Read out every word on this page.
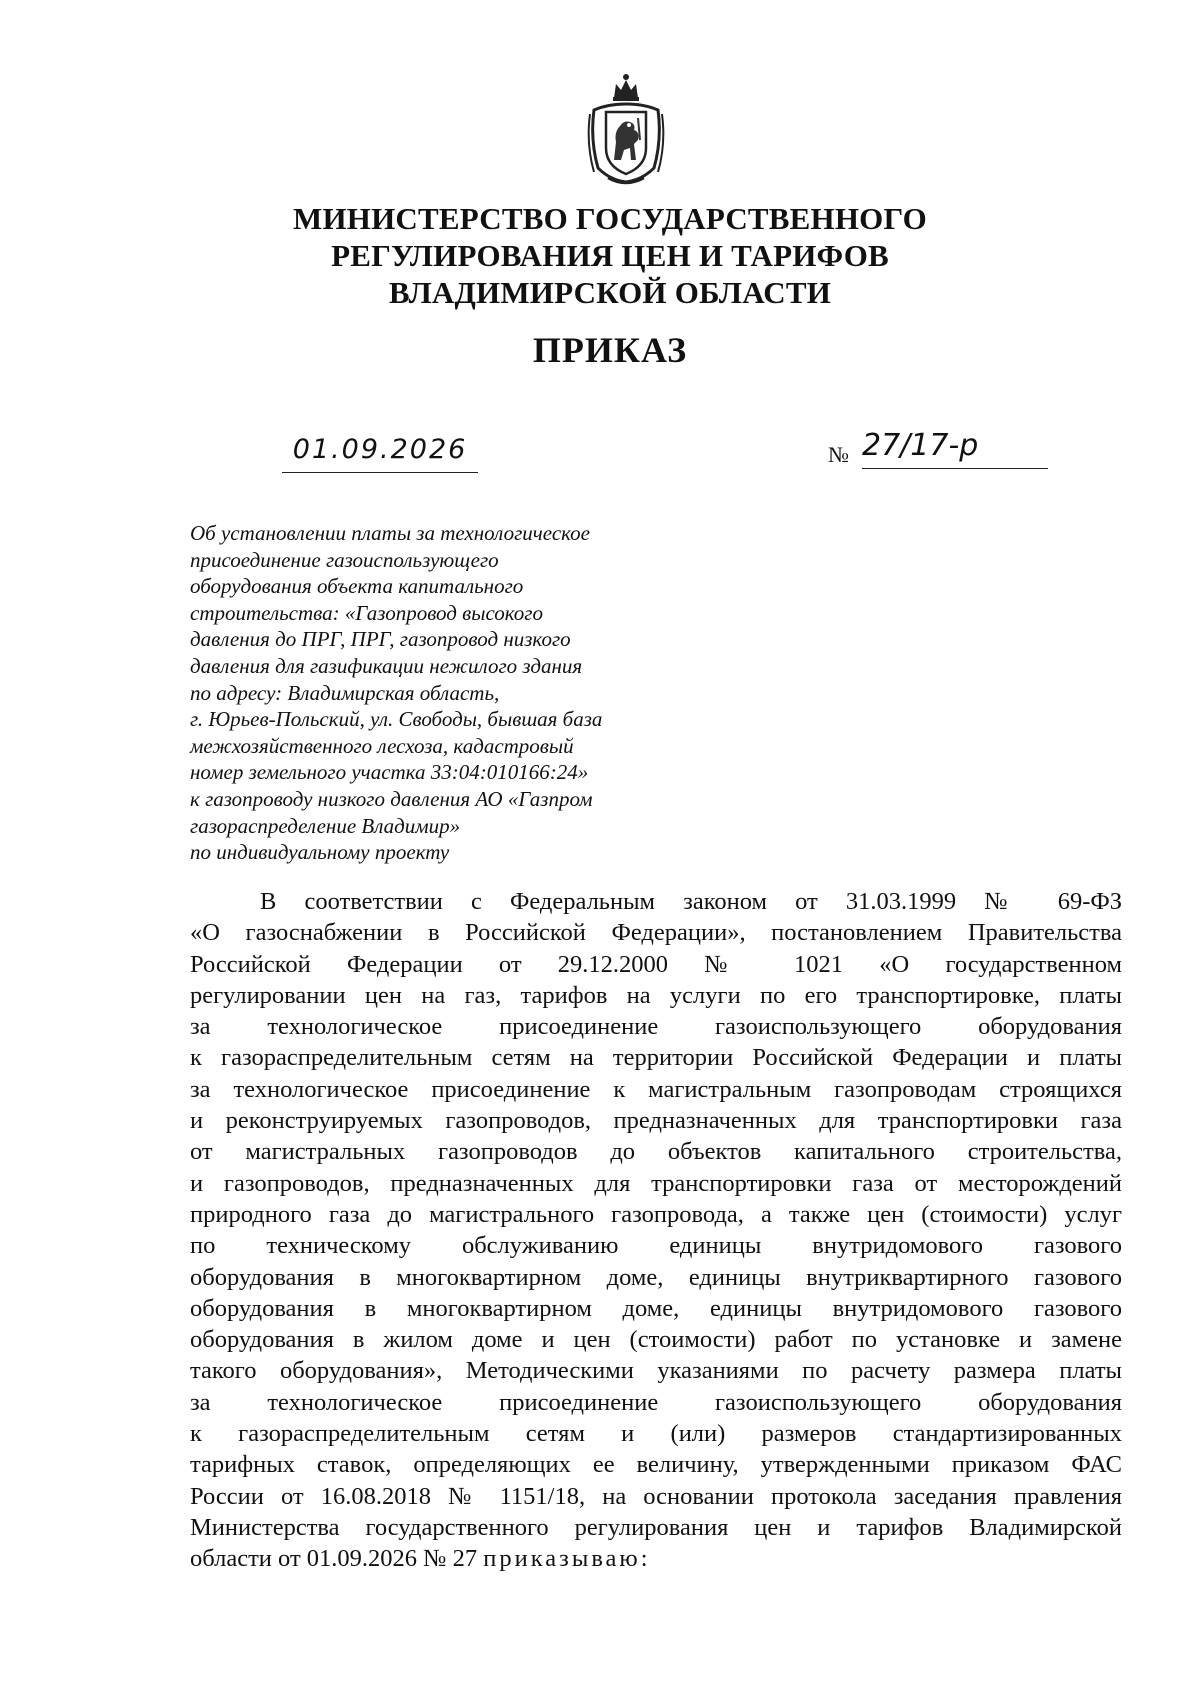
МИНИСТЕРСТВО ГОСУДАРСТВЕННОГО
РЕГУЛИРОВАНИЯ ЦЕН И ТАРИФОВ
ВЛАДИМИРСКОЙ ОБЛАСТИ
ПРИКАЗ
01.09.2026	№ 27/17-р
Об установлении платы за технологическое
присоединение газоиспользующего
оборудования объекта капитального
строительства: «Газопровод высокого
давления до ПРГ, ПРГ, газопровод низкого
давления для газификации нежилого здания
по адресу: Владимирская область,
г. Юрьев-Польский, ул. Свободы, бывшая база
межхозяйственного лесхоза, кадастровый
номер земельного участка 33:04:010166:24»
к газопроводу низкого давления АО «Газпром
газораспределение Владимир»
по индивидуальному проекту
В соответствии с Федеральным законом от 31.03.1999 № 69-ФЗ
«О газоснабжении в Российской Федерации», постановлением Правительства
Российской Федерации от 29.12.2000 № 1021 «О государственном
регулировании цен на газ, тарифов на услуги по его транспортировке, платы
за технологическое присоединение газоиспользующего оборудования
к газораспределительным сетям на территории Российской Федерации и платы
за технологическое присоединение к магистральным газопроводам строящихся
и реконструируемых газопроводов, предназначенных для транспортировки газа
от магистральных газопроводов до объектов капитального строительства,
и газопроводов, предназначенных для транспортировки газа от месторождений
природного газа до магистрального газопровода, а также цен (стоимости) услуг
по техническому обслуживанию единицы внутридомового газового
оборудования в многоквартирном доме, единицы внутриквартирного газового
оборудования в многоквартирном доме, единицы внутридомового газового
оборудования в жилом доме и цен (стоимости) работ по установке и замене
такого оборудования», Методическими указаниями по расчету размера платы
за технологическое присоединение газоиспользующего оборудования
к газораспределительным сетям и (или) размеров стандартизированных
тарифных ставок, определяющих ее величину, утвержденными приказом ФАС
России от 16.08.2018 № 1151/18, на основании протокола заседания правления
Министерства государственного регулирования цен и тарифов Владимирской
области от 01.09.2026 № 27 приказываю:
